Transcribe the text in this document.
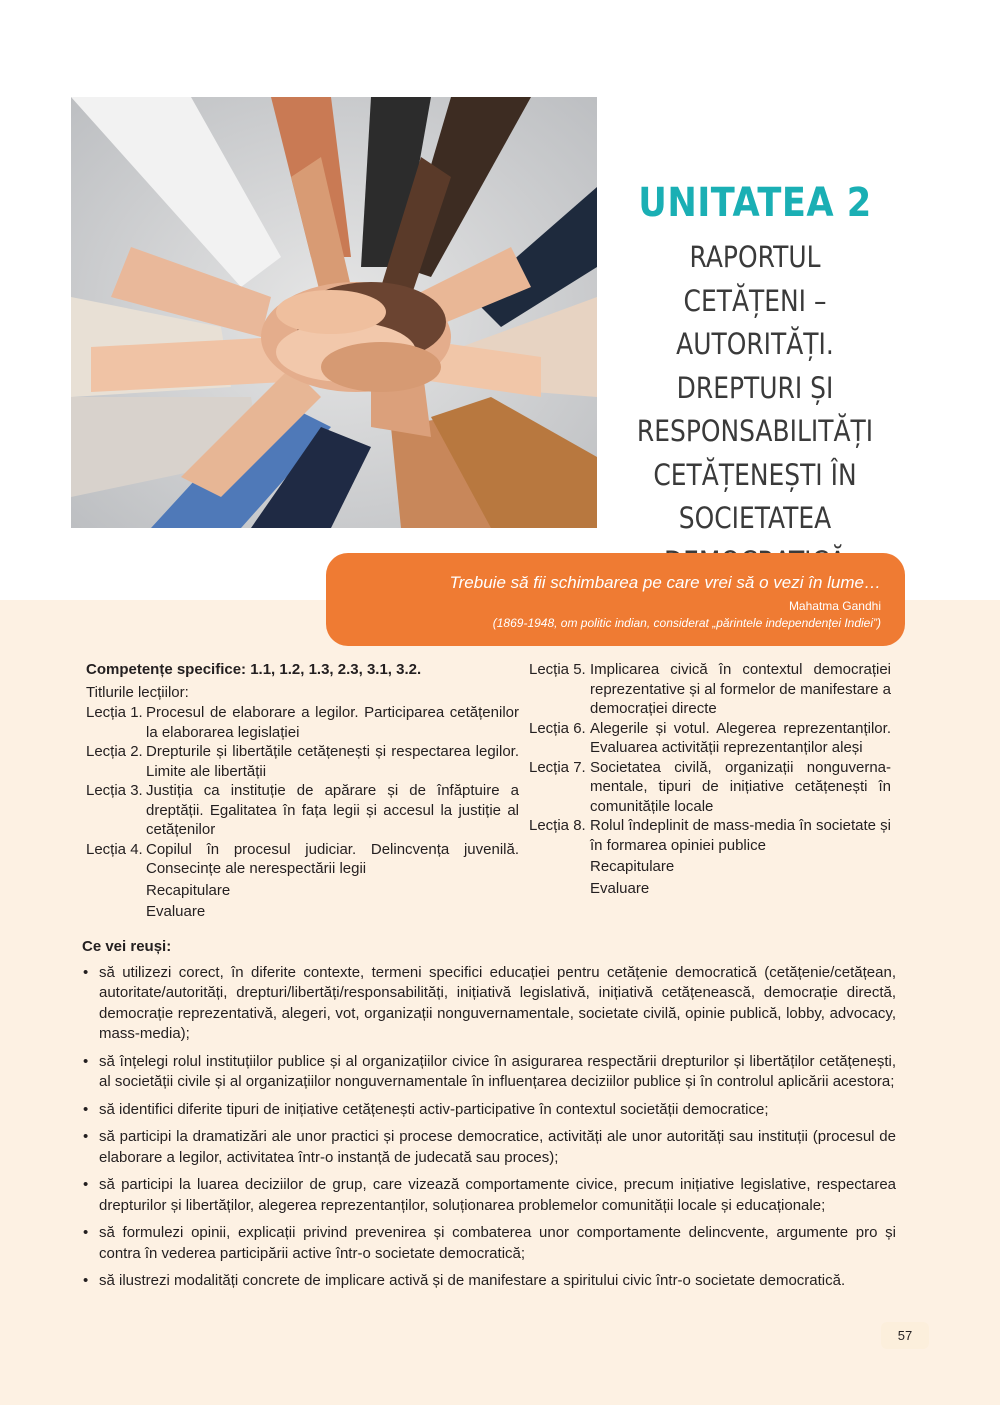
UNITATEA 2
RAPORTUL
CETĂȚENI – AUTORITĂȚI.
DREPTURI ȘI
RESPONSABILITĂȚI
CETĂȚENEȘTI ÎN
SOCIETATEA
Trebuie să fii schimbarea pe care vrei să o vezi în lume…
Mahatma Gandhi
(1869-1948, om politic indian, considerat „părintele independenței Indiei”)
Competențe specifice: 1.1, 1.2, 1.3, 2.3, 3.1, 3.2.
Titlurile lecțiilor:
Lecția 1. Procesul de elaborare a legilor. Participarea cetățenilor la elaborarea legislației
Lecția 2. Drepturile și libertățile cetățenești și respectarea legilor. Limite ale libertății
Lecția 3. Justiția ca instituție de apărare și de înfăptuire a dreptății. Egalitatea în fața legii și accesul la justiție al cetățenilor
Lecția 4. Copilul în procesul judiciar. Delincvența juvenilă. Consecințe ale nerespectării legii
Recapitulare
Evaluare
Lecția 5. Implicarea civică în contextul democrației reprezentative și al formelor de manifestare a democrației directe
Lecția 6. Alegerile și votul. Alegerea reprezentanților. Evaluarea activității reprezentanților aleși
Lecția 7. Societatea civilă, organizații nonguvernamentale, tipuri de inițiative cetățenești în comunitățile locale
Lecția 8. Rolul îndeplinit de mass-media în societate și în formarea opiniei publice
Recapitulare
Evaluare
Ce vei reuși:
• să utilizezi corect, în diferite contexte, termeni specifici educației pentru cetățenie democratică (cetățenie/cetățean, autoritate/autorități, drepturi/libertăți/responsabilități, inițiativă legislativă, inițiativă cetățenească, democrație directă, democrație reprezentativă, alegeri, vot, organizații nonguvernamentale, societate civilă, opinie publică, lobby, advocacy, mass-media);
• să înțelegi rolul instituțiilor publice și al organizațiilor civice în asigurarea respectării drepturilor și libertăților cetățenești, al societății civile și al organizațiilor nonguvernamentale în influențarea deciziilor publice și în controlul aplicării acestora;
• să identifici diferite tipuri de inițiative cetățenești activ-participative în contextul societății democratice;
• să participi la dramatizări ale unor practici și procese democratice, activități ale unor autorități sau instituții (procesul de elaborare a legilor, activitatea într-o instanță de judecată sau proces);
• să participi la luarea deciziilor de grup, care vizează comportamente civice, precum inițiative legislative, respectarea drepturilor și libertăților, alegerea reprezentanților, soluționarea problemelor comunității locale și educaționale;
• să formulezi opinii, explicații privind prevenirea și combaterea unor comportamente delincvente, argumente pro și contra în vederea participării active într-o societate democratică;
• să ilustrezi modalități concrete de implicare activă și de manifestare a spiritului civic într-o societate democratică.
57
